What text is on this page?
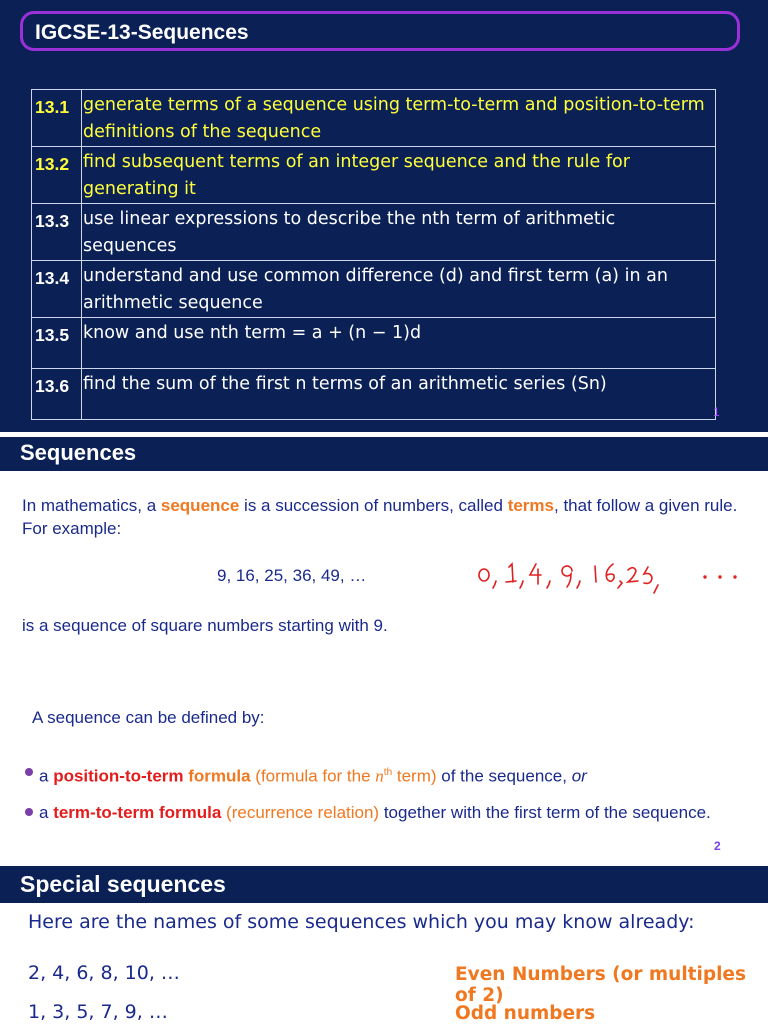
IGCSE-13-Sequences
13.1	generate terms of a sequence using term-to-term and position-to-term definitions of the sequence
13.2	find subsequent terms of an integer sequence and the rule for generating it
13.3	use linear expressions to describe the nth term of arithmetic sequences
13.4	understand and use common difference (d) and first term (a) in an arithmetic sequence
13.5	know and use nth term = a + (n − 1)d
13.6	find the sum of the first n terms of an arithmetic series (Sn)
1
Sequences
In mathematics, a sequence is a succession of numbers, called terms, that follow a given rule. For example:
9, 16, 25, 36, 49, …
is a sequence of square numbers starting with 9.
A sequence can be defined by:
a position-to-term formula (formula for the $n^{th}$ term) of the sequence, or
a term-to-term formula (recurrence relation) together with the first term of the sequence.
2
Special sequences
Here are the names of some sequences which you may know already:
2, 4, 6, 8, 10, …	Even Numbers (or multiples of 2)
1, 3, 5, 7, 9, …	Odd numbers
